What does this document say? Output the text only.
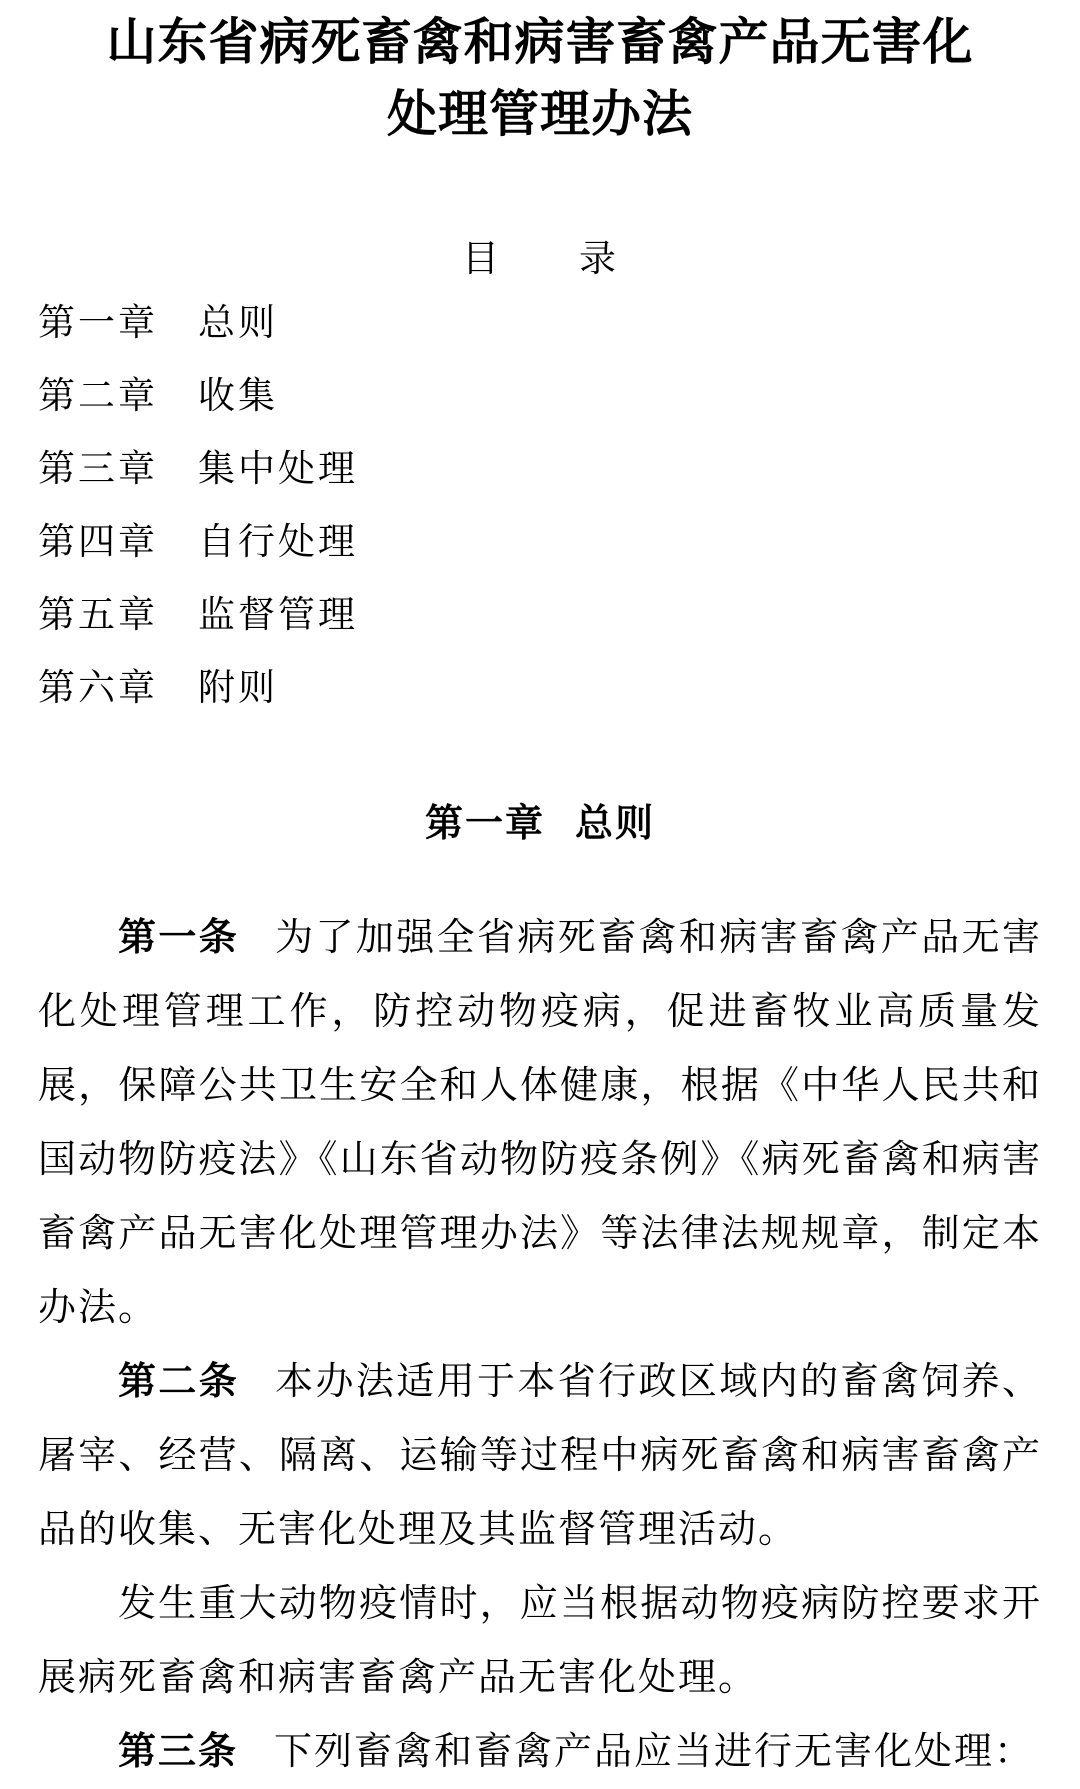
山东省病死畜禽和病害畜禽产品无害化
处理管理办法
目　　录
第一章 总则
第二章 收集
第三章 集中处理
第四章 自行处理
第五章 监督管理
第六章 附则
第一章 总则

第一条 为了加强全省病死畜禽和病害畜禽产品无害化处理管理工作，防控动物疫病，促进畜牧业高质量发展，保障公共卫生安全和人体健康，根据《中华人民共和国动物防疫法》《山东省动物防疫条例》《病死畜禽和病害畜禽产品无害化处理管理办法》等法律法规规章，制定本办法。

第二条 本办法适用于本省行政区域内的畜禽饲养、屠宰、经营、隔离、运输等过程中病死畜禽和病害畜禽产品的收集、无害化处理及其监督管理活动。

发生重大动物疫情时，应当根据动物疫病防控要求开展病死畜禽和病害畜禽产品无害化处理。

第三条 下列畜禽和畜禽产品应当进行无害化处理：
